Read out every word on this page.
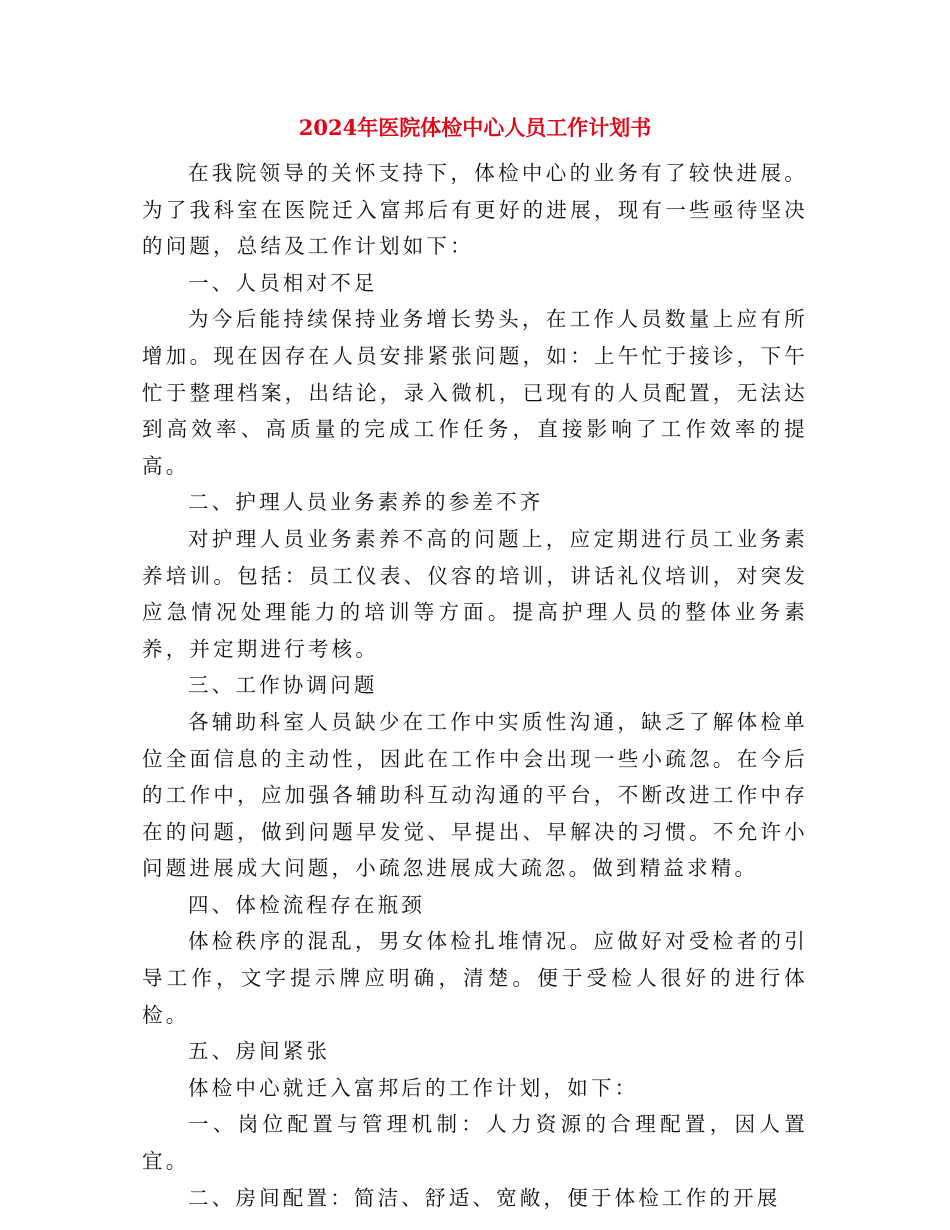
2024年医院体检中心人员工作计划书

在我院领导的关怀支持下，体检中心的业务有了较快进展。为了我科室在医院迁入富邦后有更好的进展，现有一些亟待坚决的问题，总结及工作计划如下：

一、人员相对不足

为今后能持续保持业务增长势头，在工作人员数量上应有所增加。现在因存在人员安排紧张问题，如：上午忙于接诊，下午忙于整理档案，出结论，录入微机，已现有的人员配置，无法达到高效率、高质量的完成工作任务，直接影响了工作效率的提高。

二、护理人员业务素养的参差不齐

对护理人员业务素养不高的问题上，应定期进行员工业务素养培训。包括：员工仪表、仪容的培训，讲话礼仪培训，对突发应急情况处理能力的培训等方面。提高护理人员的整体业务素养，并定期进行考核。

三、工作协调问题

各辅助科室人员缺少在工作中实质性沟通，缺乏了解体检单位全面信息的主动性，因此在工作中会出现一些小疏忽。在今后的工作中，应加强各辅助科互动沟通的平台，不断改进工作中存在的问题，做到问题早发觉、早提出、早解决的习惯。不允许小问题进展成大问题，小疏忽进展成大疏忽。做到精益求精。

四、体检流程存在瓶颈

体检秩序的混乱，男女体检扎堆情况。应做好对受检者的引导工作，文字提示牌应明确，清楚。便于受检人很好的进行体检。

五、房间紧张

体检中心就迁入富邦后的工作计划，如下：

一、岗位配置与管理机制：人力资源的合理配置，因人置宜。

二、房间配置：简洁、舒适、宽敞，便于体检工作的开展
